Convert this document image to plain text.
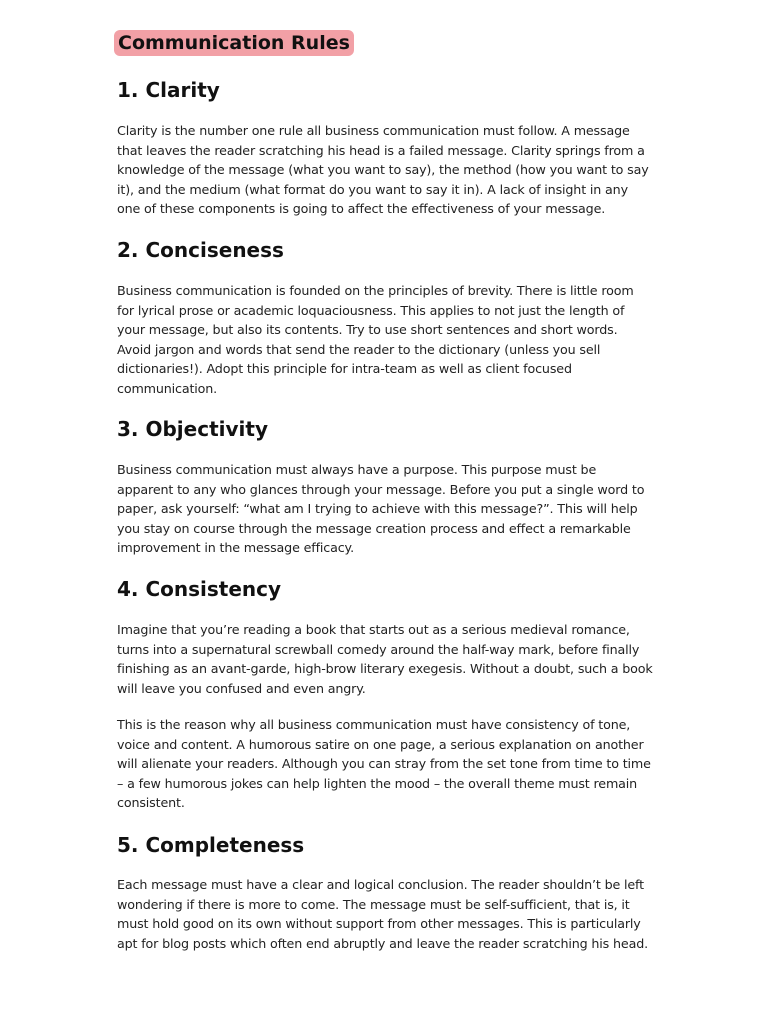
Communication Rules
1. Clarity

Clarity is the number one rule all business communication must follow. A message that leaves the reader scratching his head is a failed message. Clarity springs from a knowledge of the message (what you want to say), the method (how you want to say it), and the medium (what format do you want to say it in). A lack of insight in any one of these components is going to affect the effectiveness of your message.

2. Conciseness

Business communication is founded on the principles of brevity. There is little room for lyrical prose or academic loquaciousness. This applies to not just the length of your message, but also its contents. Try to use short sentences and short words. Avoid jargon and words that send the reader to the dictionary (unless you sell dictionaries!). Adopt this principle for intra-team as well as client focused communication.

3. Objectivity

Business communication must always have a purpose. This purpose must be apparent to any who glances through your message. Before you put a single word to paper, ask yourself: “what am I trying to achieve with this message?”. This will help you stay on course through the message creation process and effect a remarkable improvement in the message efficacy.

4. Consistency

Imagine that you’re reading a book that starts out as a serious medieval romance, turns into a supernatural screwball comedy around the half-way mark, before finally finishing as an avant-garde, high-brow literary exegesis. Without a doubt, such a book will leave you confused and even angry.

This is the reason why all business communication must have consistency of tone, voice and content. A humorous satire on one page, a serious explanation on another will alienate your readers. Although you can stray from the set tone from time to time – a few humorous jokes can help lighten the mood – the overall theme must remain consistent.

5. Completeness

Each message must have a clear and logical conclusion. The reader shouldn’t be left wondering if there is more to come. The message must be self-sufficient, that is, it must hold good on its own without support from other messages. This is particularly apt for blog posts which often end abruptly and leave the reader scratching his head.
